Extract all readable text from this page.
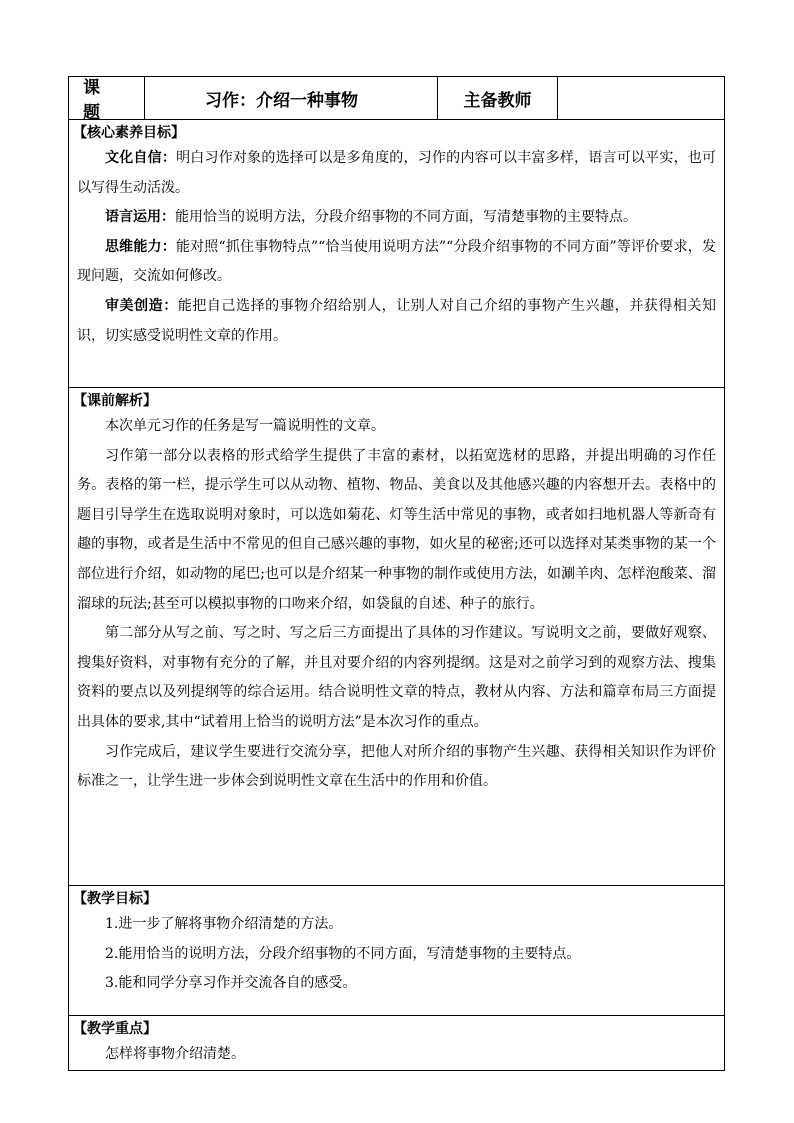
课题
习作：介绍一种事物	主备教师
【核心素养目标】

文化自信：明白习作对象的选择可以是多角度的，习作的内容可以丰富多样，语言可以平实，也可以写得生动活泼。

语言运用：能用恰当的说明方法，分段介绍事物的不同方面，写清楚事物的主要特点。

思维能力：能对照“抓住事物特点”“恰当使用说明方法”“分段介绍事物的不同方面”等评价要求，发现问题，交流如何修改。

审美创造：能把自己选择的事物介绍给别人，让别人对自己介绍的事物产生兴趣，并获得相关知识，切实感受说明性文章的作用。

【课前解析】

本次单元习作的任务是写一篇说明性的文章。

习作第一部分以表格的形式给学生提供了丰富的素材，以拓宽选材的思路，并提出明确的习作任务。表格的第一栏，提示学生可以从动物、植物、物品、美食以及其他感兴趣的内容想开去。表格中的题目引导学生在选取说明对象时，可以选如菊花、灯等生活中常见的事物，或者如扫地机器人等新奇有趣的事物，或者是生活中不常见的但自己感兴趣的事物，如火星的秘密;还可以选择对某类事物的某一个部位进行介绍，如动物的尾巴;也可以是介绍某一种事物的制作或使用方法，如涮羊肉、怎样泡酸菜、溜溜球的玩法;甚至可以模拟事物的口吻来介绍，如袋鼠的自述、种子的旅行。

第二部分从写之前、写之时、写之后三方面提出了具体的习作建议。写说明文之前，要做好观察、搜集好资料，对事物有充分的了解，并且对要介绍的内容列提纲。这是对之前学习到的观察方法、搜集资料的要点以及列提纲等的综合运用。结合说明性文章的特点，教材从内容、方法和篇章布局三方面提出具体的要求,其中“试着用上恰当的说明方法”是本次习作的重点。

习作完成后，建议学生要进行交流分享，把他人对所介绍的事物产生兴趣、获得相关知识作为评价标准之一，让学生进一步体会到说明性文章在生活中的作用和价值。

【教学目标】

1.进一步了解将事物介绍清楚的方法。

2.能用恰当的说明方法，分段介绍事物的不同方面，写清楚事物的主要特点。

3.能和同学分享习作并交流各自的感受。

【教学重点】

怎样将事物介绍清楚。
